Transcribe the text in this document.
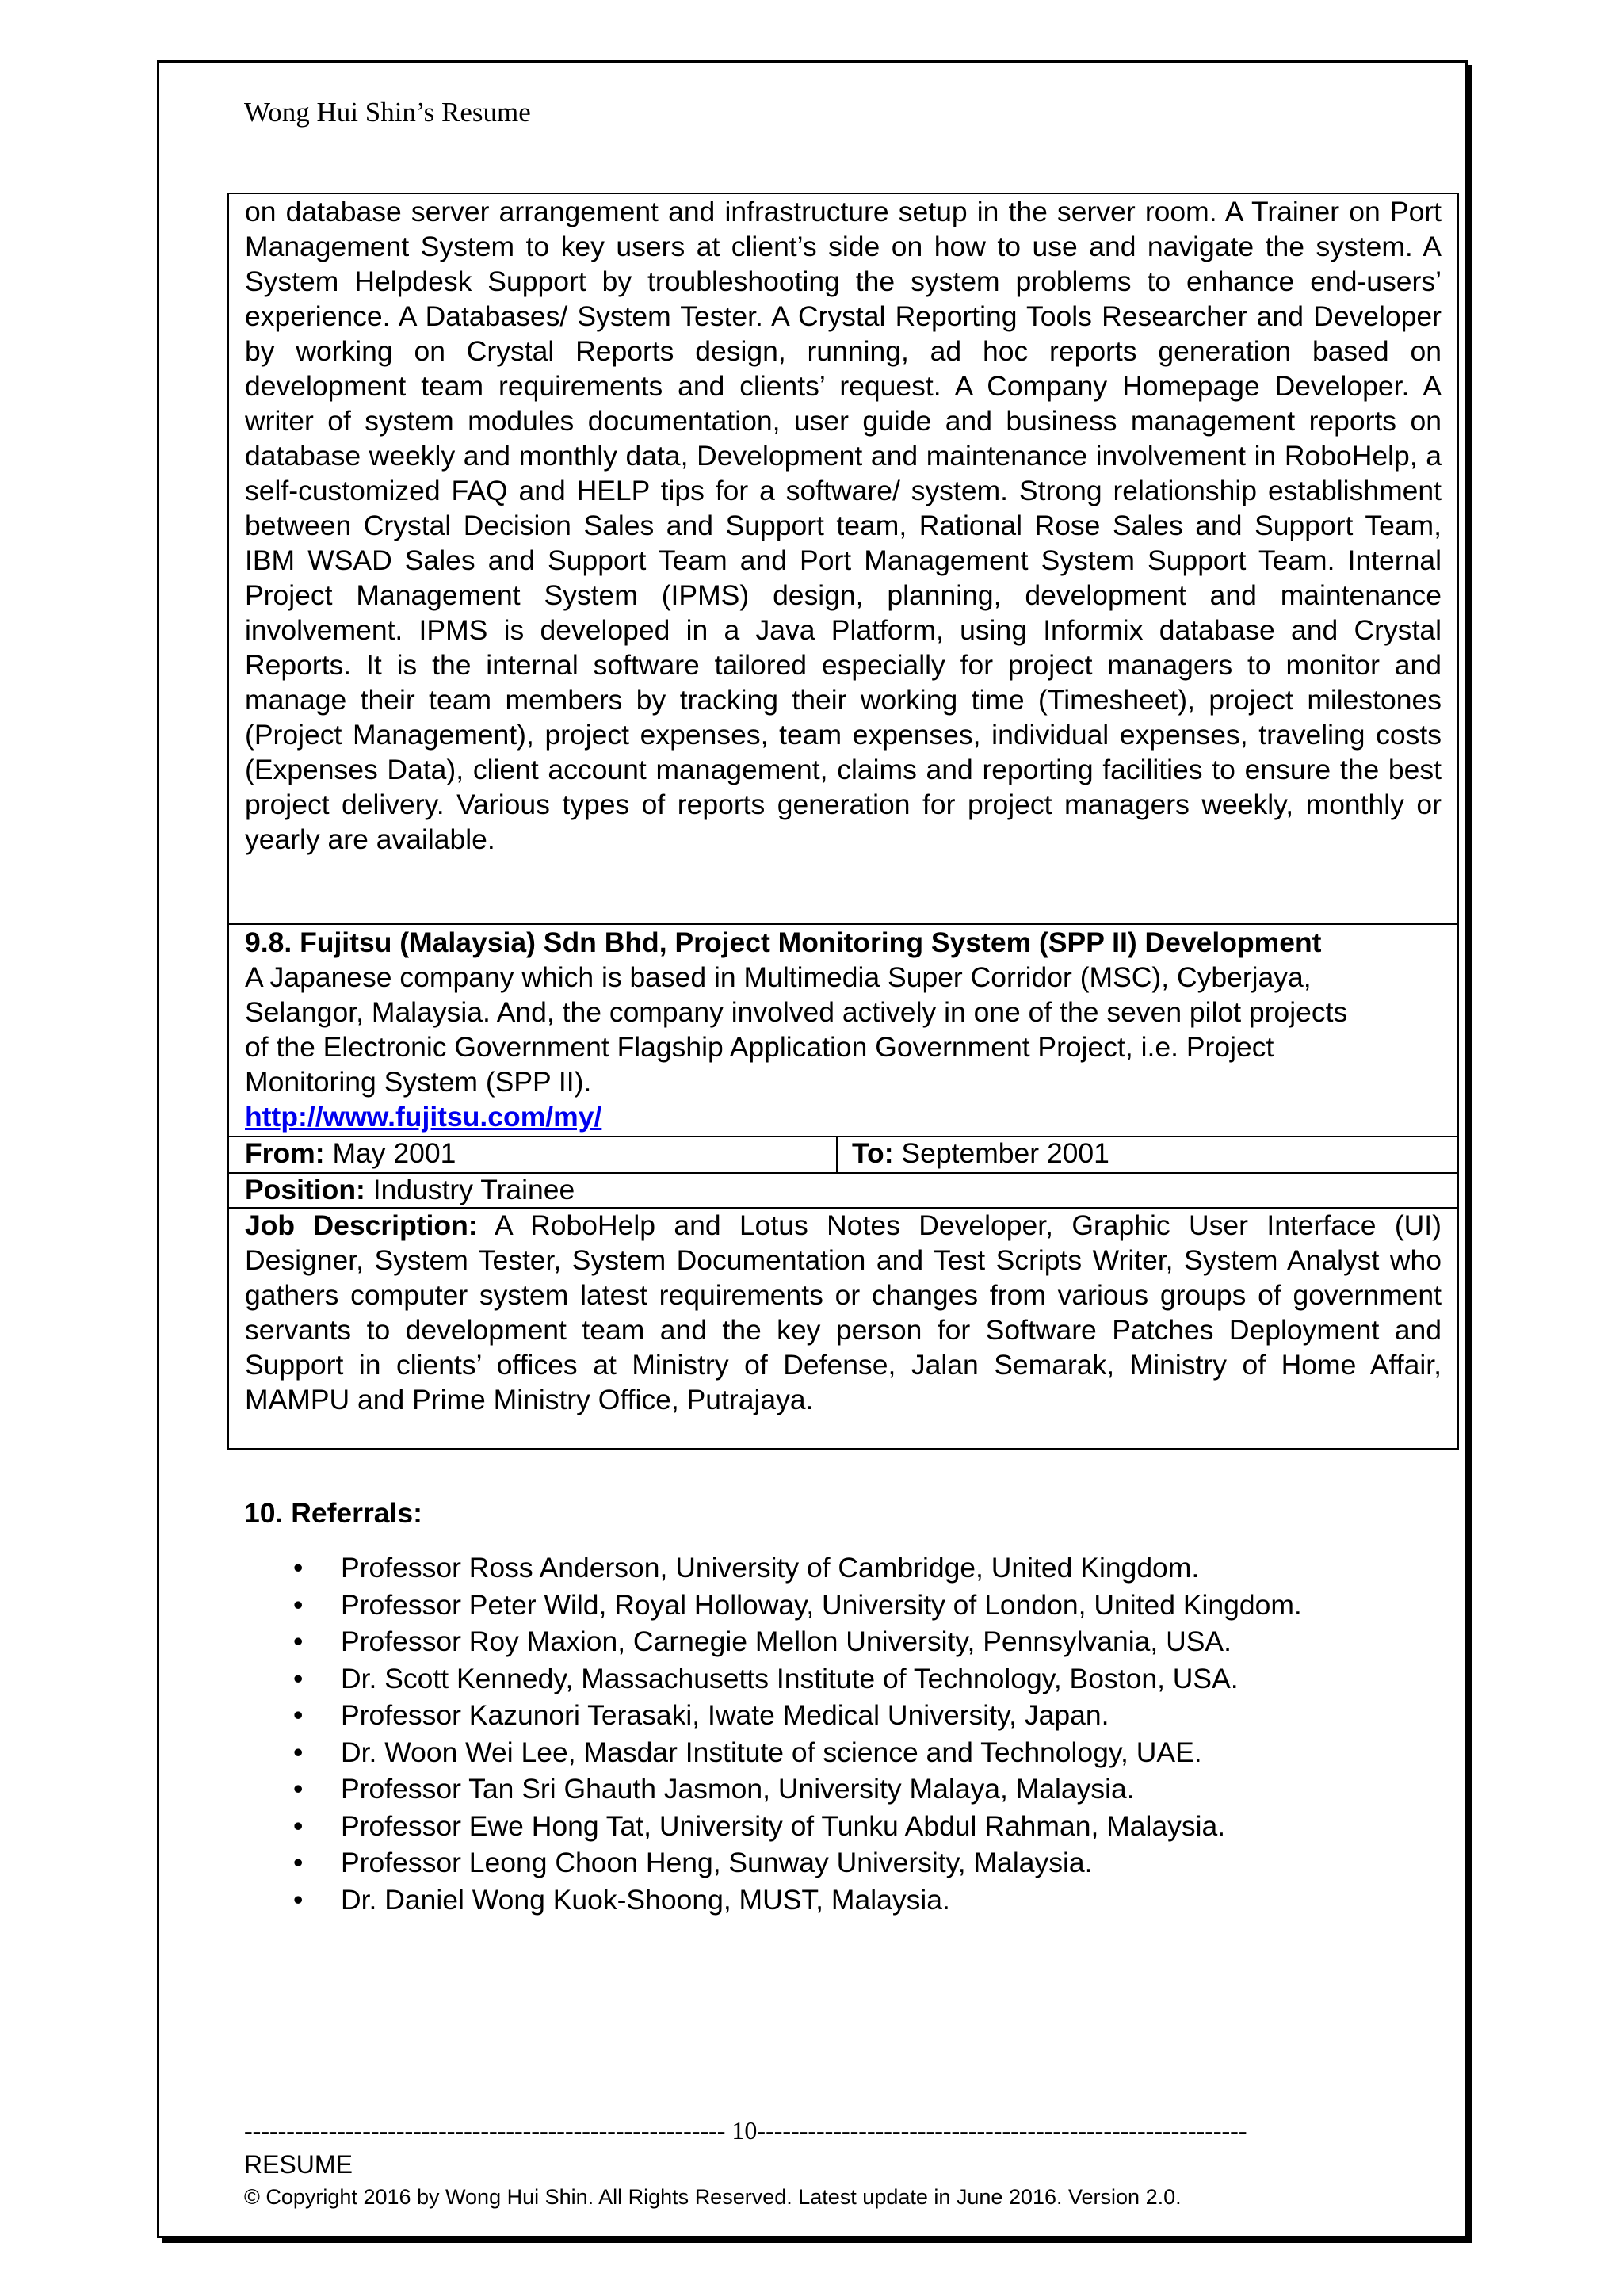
Wong Hui Shin’s Resume
on database server arrangement and infrastructure setup in the server room. A Trainer on Port Management System to key users at client’s side on how to use and navigate the system. A System Helpdesk Support by troubleshooting the system problems to enhance end-users’ experience. A Databases/ System Tester. A Crystal Reporting Tools Researcher and Developer by working on Crystal Reports design, running, ad hoc reports generation based on development team requirements and clients’ request. A Company Homepage Developer. A writer of system modules documentation, user guide and business management reports on database weekly and monthly data, Development and maintenance involvement in RoboHelp, a self-customized FAQ and HELP tips for a software/ system. Strong relationship establishment between Crystal Decision Sales and Support team, Rational Rose Sales and Support Team, IBM WSAD Sales and Support Team and Port Management System Support Team. Internal Project Management System (IPMS) design, planning, development and maintenance involvement. IPMS is developed in a Java Platform, using Informix database and Crystal Reports. It is the internal software tailored especially for project managers to monitor and manage their team members by tracking their working time (Timesheet), project milestones (Project Management), project expenses, team expenses, individual expenses, traveling costs (Expenses Data), client account management, claims and reporting facilities to ensure the best project delivery. Various types of reports generation for project managers weekly, monthly or yearly are available.
9.8. Fujitsu (Malaysia) Sdn Bhd, Project Monitoring System (SPP II) Development
A Japanese company which is based in Multimedia Super Corridor (MSC), Cyberjaya,
Selangor, Malaysia. And, the company involved actively in one of the seven pilot projects
of the Electronic Government Flagship Application Government Project, i.e. Project
Monitoring System (SPP II).
http://www.fujitsu.com/my/
From: May 2001	To: September 2001
Position: Industry Trainee
Job Description: A RoboHelp and Lotus Notes Developer, Graphic User Interface (UI) Designer, System Tester, System Documentation and Test Scripts Writer, System Analyst who gathers computer system latest requirements or changes from various groups of government servants to development team and the key person for Software Patches Deployment and Support in clients’ offices at Ministry of Defense, Jalan Semarak, Ministry of Home Affair, MAMPU and Prime Ministry Office, Putrajaya.
10. Referrals:
• Professor Ross Anderson, University of Cambridge, United Kingdom.
• Professor Peter Wild, Royal Holloway, University of London, United Kingdom.
• Professor Roy Maxion, Carnegie Mellon University, Pennsylvania, USA.
• Dr. Scott Kennedy, Massachusetts Institute of Technology, Boston, USA.
• Professor Kazunori Terasaki, Iwate Medical University, Japan.
• Dr. Woon Wei Lee, Masdar Institute of science and Technology, UAE.
• Professor Tan Sri Ghauth Jasmon, University Malaya, Malaysia.
• Professor Ewe Hong Tat, University of Tunku Abdul Rahman, Malaysia.
• Professor Leong Choon Heng, Sunway University, Malaysia.
• Dr. Daniel Wong Kuok-Shoong, MUST, Malaysia.
--------------------------------------------------------- 10----------------------------------------------------------
RESUME
© Copyright 2016 by Wong Hui Shin. All Rights Reserved. Latest update in June 2016. Version 2.0.
